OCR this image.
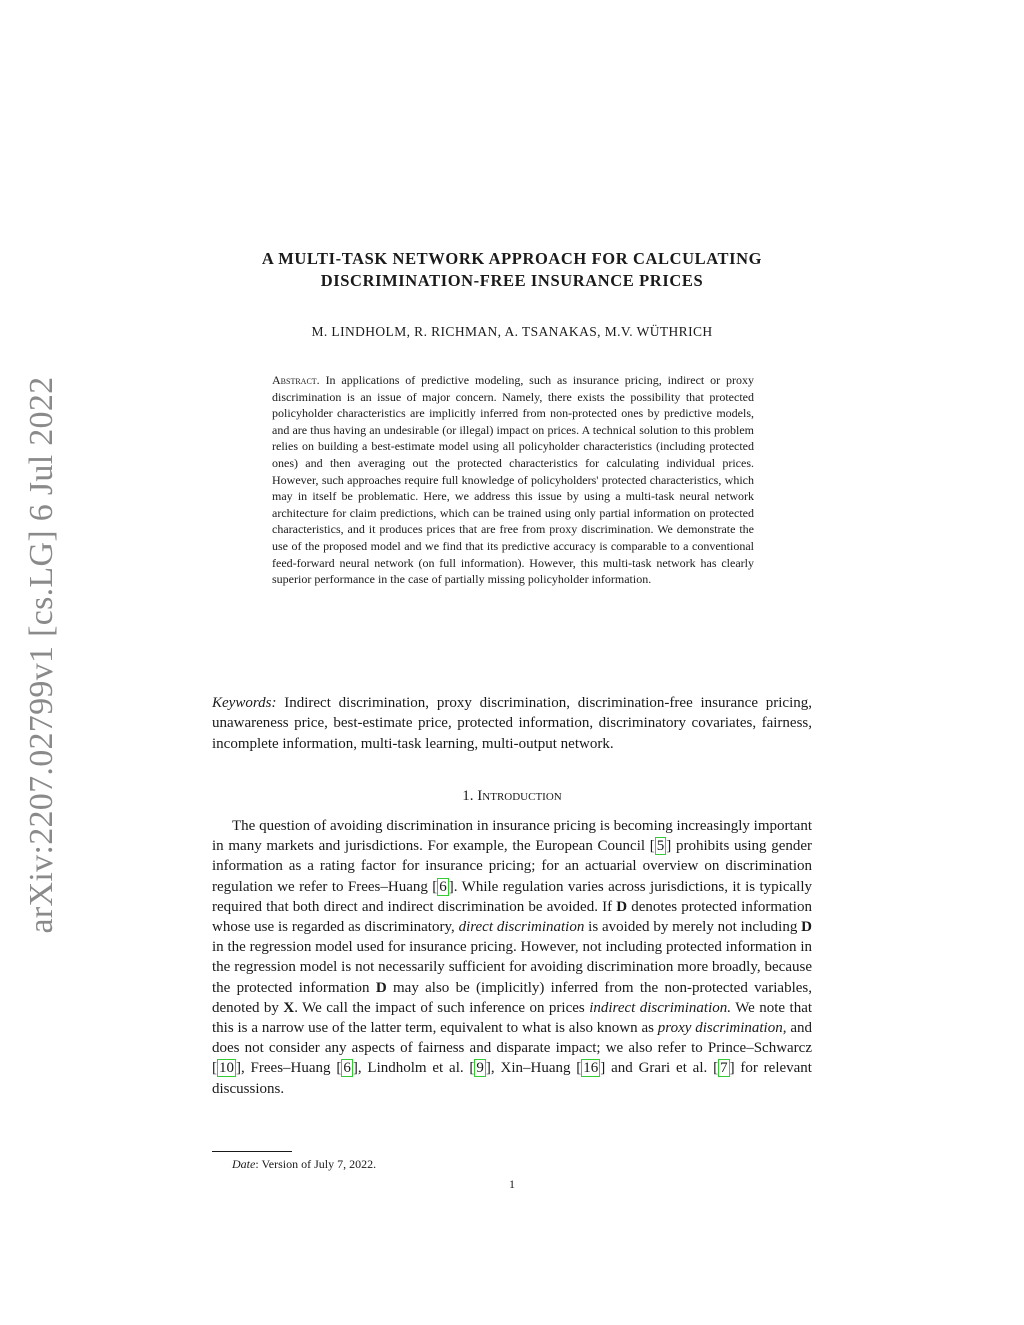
arXiv:2207.02799v1 [cs.LG] 6 Jul 2022
A MULTI-TASK NETWORK APPROACH FOR CALCULATING
DISCRIMINATION-FREE INSURANCE PRICES
M. LINDHOLM, R. RICHMAN, A. TSANAKAS, M.V. WÜTHRICH
Abstract. In applications of predictive modeling, such as insurance pricing, indirect or proxy discrimination is an issue of major concern. Namely, there exists the possibility that protected policyholder characteristics are implicitly inferred from non-protected ones by predictive models, and are thus having an undesirable (or illegal) impact on prices. A technical solution to this problem relies on building a best-estimate model using all policyholder characteristics (including protected ones) and then averaging out the protected characteristics for calculating individual prices. However, such approaches require full knowledge of policyholders' protected characteristics, which may in itself be problematic. Here, we address this issue by using a multi-task neural network architecture for claim predictions, which can be trained using only partial information on protected characteristics, and it produces prices that are free from proxy discrimination. We demonstrate the use of the proposed model and we find that its predictive accuracy is comparable to a conventional feed-forward neural network (on full information). However, this multi-task network has clearly superior performance in the case of partially missing policyholder information.
Keywords: Indirect discrimination, proxy discrimination, discrimination-free insurance pricing, unawareness price, best-estimate price, protected information, discriminatory covariates, fairness, incomplete information, multi-task learning, multi-output network.
1. Introduction

The question of avoiding discrimination in insurance pricing is becoming increasingly important in many markets and jurisdictions. For example, the European Council [ 5 ] prohibits using gender information as a rating factor for insurance pricing; for an actuarial overview on discrimination regulation we refer to Frees–Huang [ 6 ]. While regulation varies across jurisdictions, it is typically required that both direct and indirect discrimination be avoided. If D denotes protected information whose use is regarded as discriminatory, direct discrimination is avoided by merely not including D in the regression model used for insurance pricing. However, not including protected information in the regression model is not necessarily sufficient for avoiding discrimination more broadly, because the protected information D may also be (implicitly) inferred from the non-protected variables, denoted by X. We call the impact of such inference on prices indirect discrimination. We note that this is a narrow use of the latter term, equivalent to what is also known as proxy discrimination, and does not consider any aspects of fairness and disparate impact; we also refer to Prince–Schwarcz [ 10 ], Frees–Huang [ 6 ], Lindholm et al. [ 9 ], Xin–Huang [ 16 ] and Grari et al. [ 7 ] for relevant discussions.

Date: Version of July 7, 2022.
1
